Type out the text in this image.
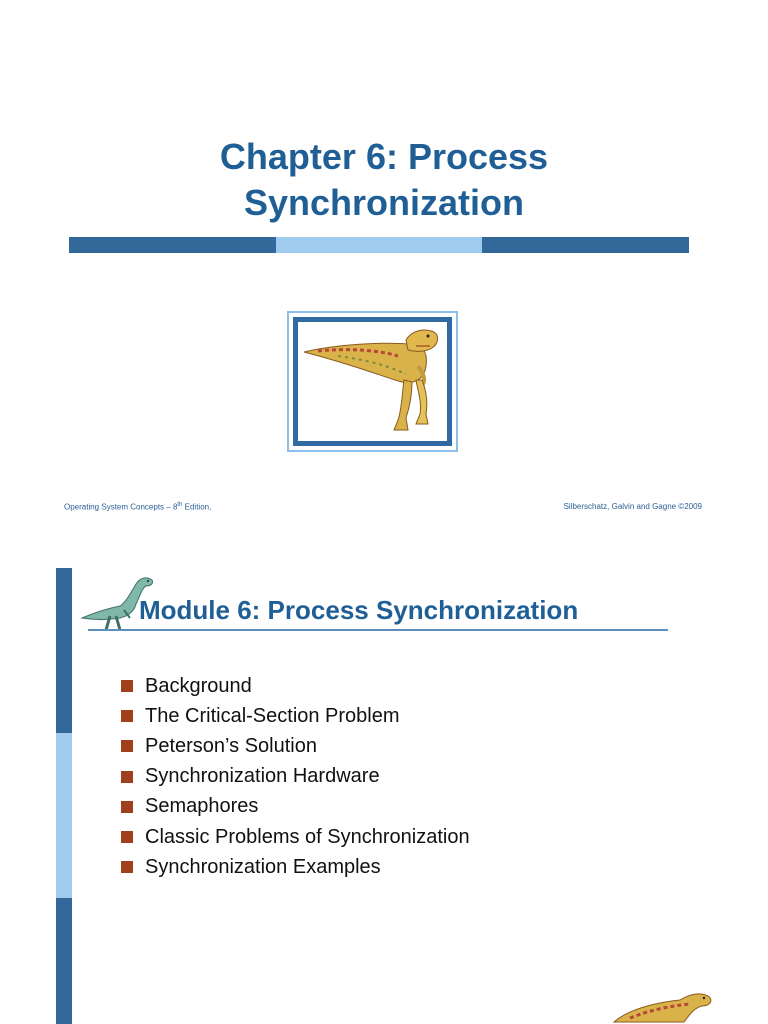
Chapter 6: Process
Synchronization
Operating System Concepts – 8th Edition,	Silberschatz, Galvin and Gagne ©2009
Module 6: Process Synchronization
Background
The Critical-Section Problem
Peterson’s Solution
Synchronization Hardware
Semaphores
Classic Problems of Synchronization
Synchronization Examples
